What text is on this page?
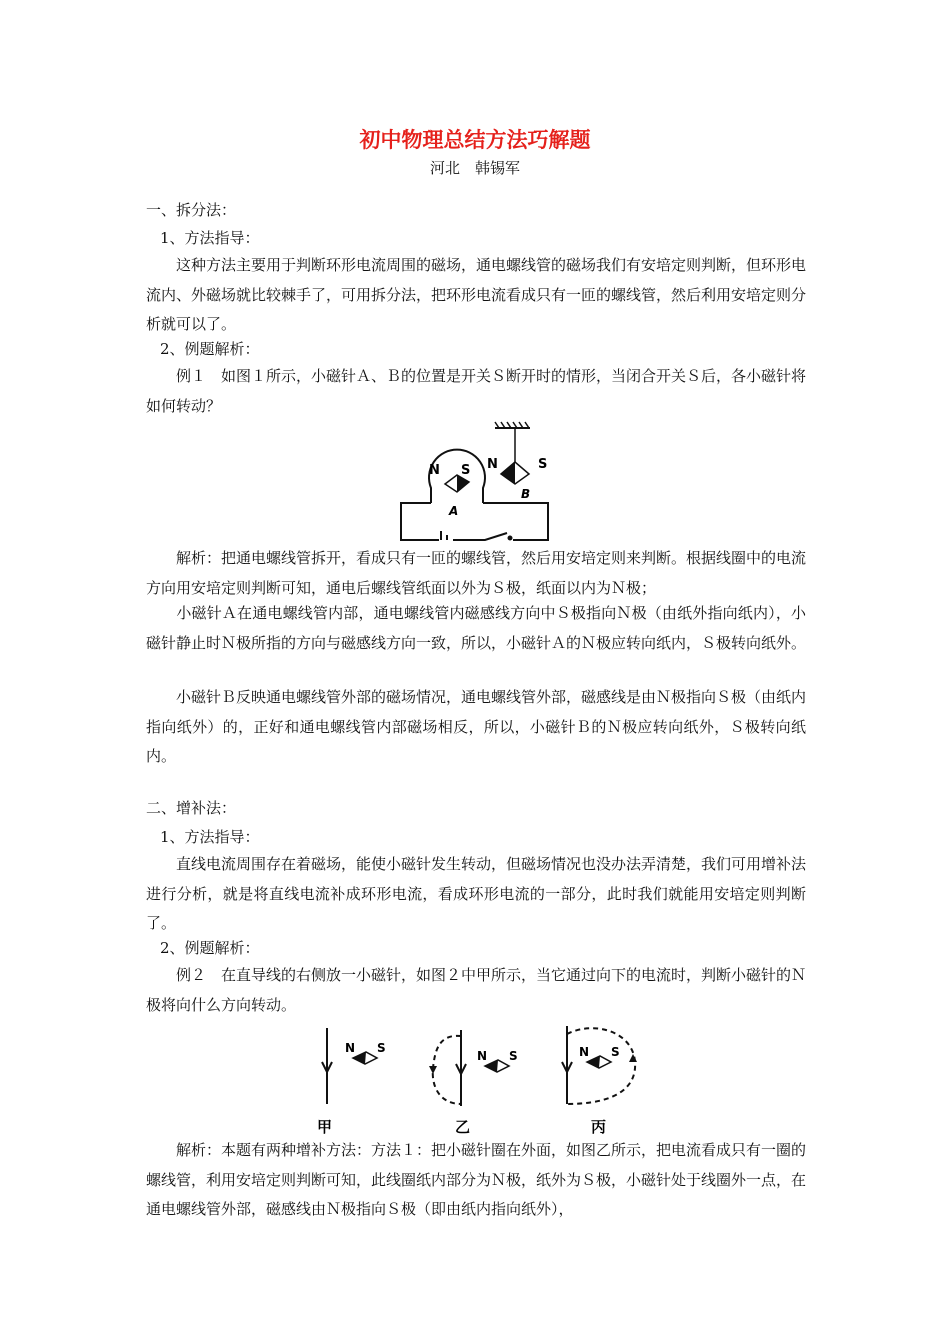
初中物理总结方法巧解题
河北　韩锡军
一、拆分法：
1、方法指导：
　　这种方法主要用于判断环形电流周围的磁场，通电螺线管的磁场我们有安培定则判断，但环形电流内、外磁场就比较棘手了，可用拆分法，把环形电流看成只有一匝的螺线管，然后利用安培定则分析就可以了。
2、例题解析：
　　例１　如图１所示，小磁针Ａ、Ｂ的位置是开关Ｓ断开时的情形，当闭合开关Ｓ后，各小磁针将如何转动？
N S
A
N	S
B
　　解析：把通电螺线管拆开，看成只有一匝的螺线管，然后用安培定则来判断。根据线圈中的电流方向用安培定则判断可知，通电后螺线管纸面以外为Ｓ极，纸面以内为Ｎ极；
　　小磁针Ａ在通电螺线管内部，通电螺线管内磁感线方向中Ｓ极指向Ｎ极（由纸外指向纸内），小磁针静止时Ｎ极所指的方向与磁感线方向一致，所以，小磁针Ａ的Ｎ极应转向纸内，Ｓ极转向纸外。
　　小磁针Ｂ反映通电螺线管外部的磁场情况，通电螺线管外部，磁感线是由Ｎ极指向Ｓ极（由纸内指向纸外）的，正好和通电螺线管内部磁场相反，所以，小磁针Ｂ的Ｎ极应转向纸外，Ｓ极转向纸内。
二、增补法：
1、方法指导：
　　直线电流周围存在着磁场，能使小磁针发生转动，但磁场情况也没办法弄清楚，我们可用增补法进行分析，就是将直线电流补成环形电流，看成环形电流的一部分，此时我们就能用安培定则判断了。
2、例题解析：
　　例２　在直导线的右侧放一小磁针，如图２中甲所示，当它通过向下的电流时，判断小磁针的Ｎ极将向什么方向转动。
N S
N S	N S
甲	乙	丙
　　解析：本题有两种增补方法：方法１：把小磁针圈在外面，如图乙所示，把电流看成只有一圈的螺线管，利用安培定则判断可知，此线圈纸内部分为Ｎ极，纸外为Ｓ极，小磁针处于线圈外一点，在通电螺线管外部，磁感线由Ｎ极指向Ｓ极（即由纸内指向纸外），
